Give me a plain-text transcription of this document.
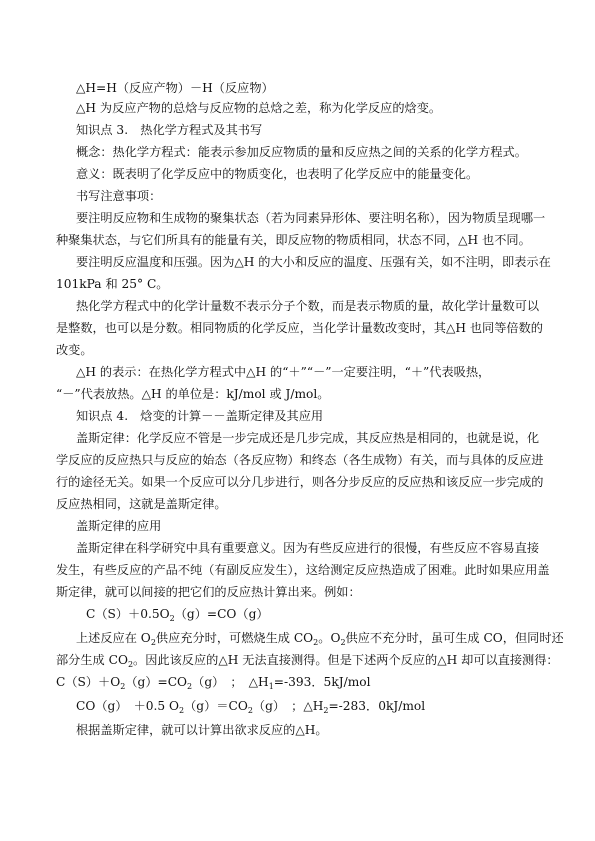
△H=H（反应产物）－H（反应物）
△H 为反应产物的总焓与反应物的总焓之差，称为化学反应的焓变。
知识点 3.　热化学方程式及其书写
概念：热化学方程式：能表示参加反应物质的量和反应热之间的关系的化学方程式。
意义：既表明了化学反应中的物质变化，也表明了化学反应中的能量变化。
书写注意事项：
要注明反应物和生成物的聚集状态（若为同素异形体、要注明名称），因为物质呈现哪一
种聚集状态，与它们所具有的能量有关，即反应物的物质相同，状态不同，△H 也不同。
要注明反应温度和压强。因为△H 的大小和反应的温度、压强有关，如不注明，即表示在
101kPa 和 25° C。
热化学方程式中的化学计量数不表示分子个数，而是表示物质的量，故化学计量数可以
是整数，也可以是分数。相同物质的化学反应，当化学计量数改变时，其△H 也同等倍数的
改变。
△H 的表示：在热化学方程式中△H 的“＋”“－”一定要注明，“＋”代表吸热，
“－”代表放热。△H 的单位是：kJ/mol 或 J/mol。
知识点 4.　焓变的计算－－盖斯定律及其应用
盖斯定律：化学反应不管是一步完成还是几步完成，其反应热是相同的，也就是说，化
学反应的反应热只与反应的始态（各反应物）和终态（各生成物）有关，而与具体的反应进
行的途径无关。如果一个反应可以分几步进行，则各分步反应的反应热和该反应一步完成的
反应热相同，这就是盖斯定律。
盖斯定律的应用
盖斯定律在科学研究中具有重要意义。因为有些反应进行的很慢，有些反应不容易直接
发生，有些反应的产品不纯（有副反应发生），这给测定反应热造成了困难。此时如果应用盖
斯定律，就可以间接的把它们的反应热计算出来。例如：
$C(S)+0.5O_2(g)=CO(g)$
上述反应在 $O_2$供应充分时，可燃烧生成 $CO_2$。$O_2$供应不充分时，虽可生成 CO，但同时还
部分生成 $CO_2$。因此该反应的△H 无法直接测得。但是下述两个反应的△H 却可以直接测得：
$C(S)+O_2(g)=CO_2(g)$　；　$\triangle H_1=-393$．5kJ/mol
CO（g）　＋0.5 $O_2(g)=CO_2(g)$　；$\triangle H_2=-283$．0kJ/mol
根据盖斯定律，就可以计算出欲求反应的△H。
